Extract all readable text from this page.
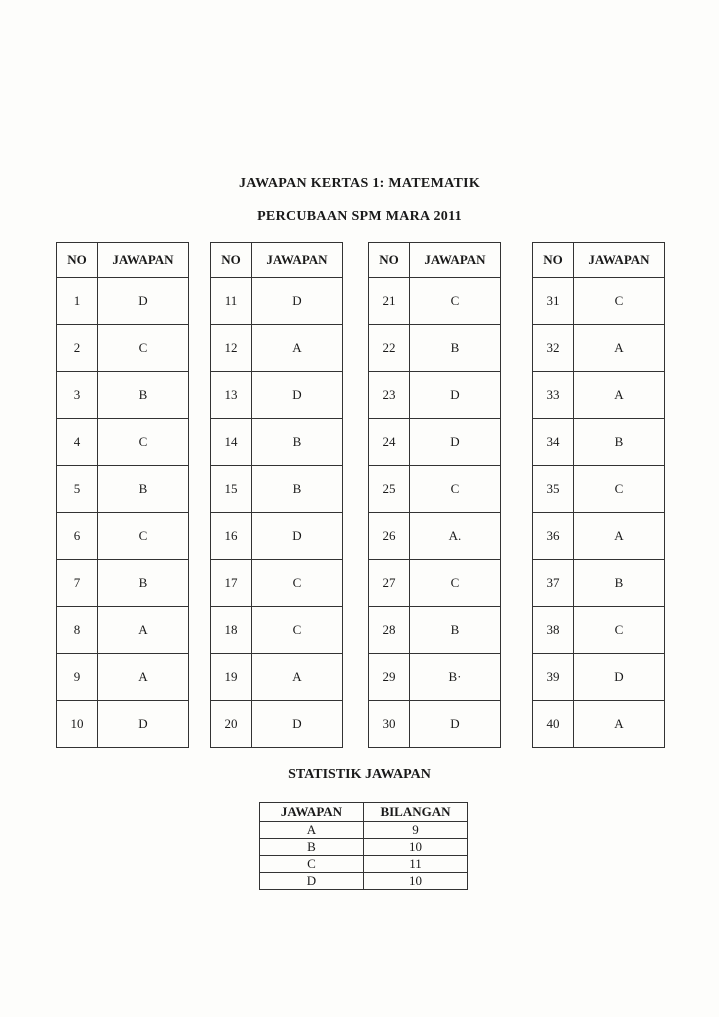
JAWAPAN KERTAS 1: MATEMATIK
PERCUBAAN SPM MARA 2011
NO	JAWAPAN
1	D
2	C
3	B
4	C
5	B
6	C
7	B
8	A
9	A
10	D
NO	JAWAPAN
11	D
12	A
13	D
14	B
15	B
16	D
17	C
18	C
19	A
20	D
NO	JAWAPAN
21	C
22	B
23	D
24	D
25	C
26	A.
27	C
28	B
29	B·
30	D
NO	JAWAPAN
31	C
32	A
33	A
34	B
35	C
36	A
37	B
38	C
39	D
40	A
STATISTIK JAWAPAN
JAWAPAN	BILANGAN
A	9
B	10
C	11
D	10
